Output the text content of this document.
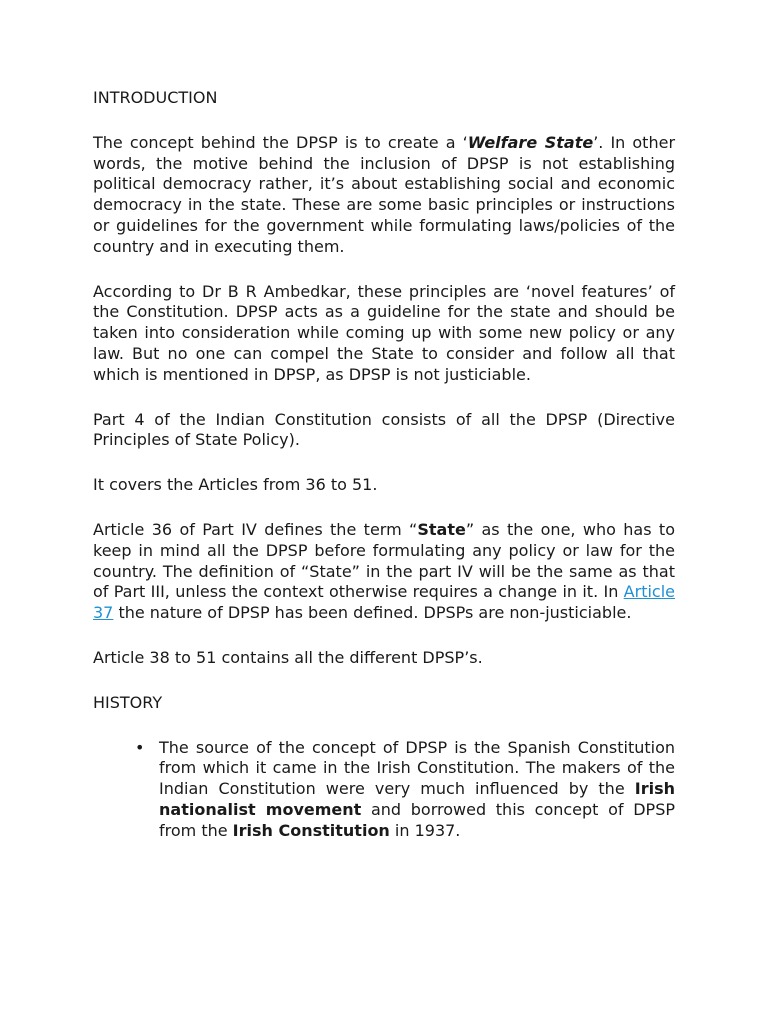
INTRODUCTION

The concept behind the DPSP is to create a ‘Welfare State’. In other words, the motive behind the inclusion of DPSP is not establishing political democracy rather, it’s about establishing social and economic democracy in the state. These are some basic principles or instructions or guidelines for the government while formulating laws/policies of the country and in executing them.

According to Dr B R Ambedkar, these principles are ‘novel features’ of the Constitution. DPSP acts as a guideline for the state and should be taken into consideration while coming up with some new policy or any law. But no one can compel the State to consider and follow all that which is mentioned in DPSP, as DPSP is not justiciable.

Part 4 of the Indian Constitution consists of all the DPSP (Directive Principles of State Policy).

It covers the Articles from 36 to 51.

Article 36 of Part IV defines the term “State” as the one, who has to keep in mind all the DPSP before formulating any policy or law for the country. The definition of “State” in the part IV will be the same as that of Part III, unless the context otherwise requires a change in it. In Article 37 the nature of DPSP has been defined. DPSPs are non-justiciable.

Article 38 to 51 contains all the different DPSP’s.

HISTORY

• The source of the concept of DPSP is the Spanish Constitution from which it came in the Irish Constitution. The makers of the Indian Constitution were very much influenced by the Irish nationalist movement and borrowed this concept of DPSP from the Irish Constitution in 1937.
